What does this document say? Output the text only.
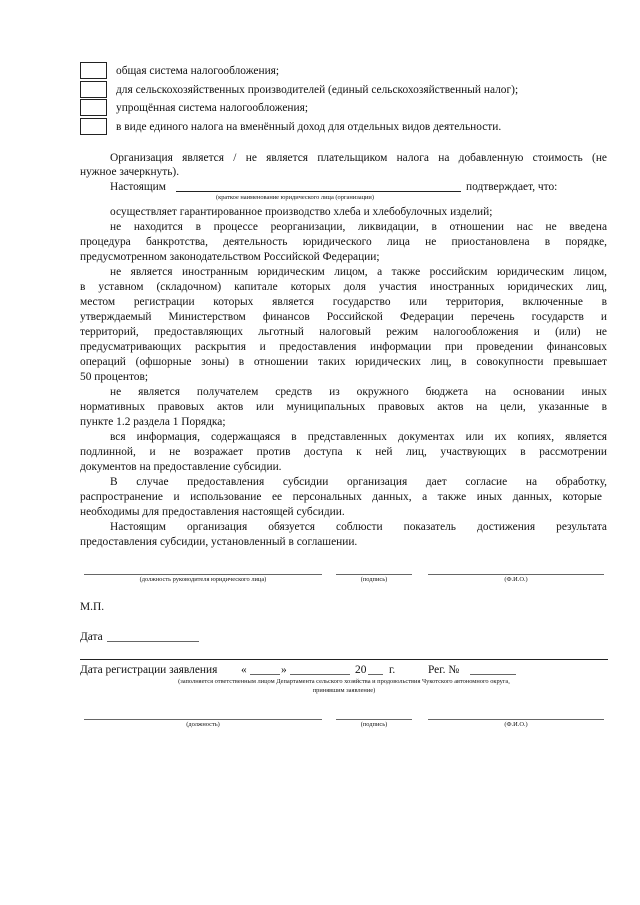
общая система налогообложения;
для сельскохозяйственных производителей (единый сельскохозяйственный налог);
упрощённая система налогообложения;
в виде единого налога на вменённый доход для отдельных видов деятельности.
Организация является / не является плательщиком налога на добавленную стоимость (не
нужное зачеркнуть).
Настоящим	подтверждает, что:
(краткое наименование юридического лица (организации)
осуществляет гарантированное производство хлеба и хлебобулочных изделий;
не находится в процессе реорганизации, ликвидации, в отношении нас не введена
процедура банкротства, деятельность юридического лица не приостановлена в порядке,
предусмотренном законодательством Российской Федерации;
не является иностранным юридическим лицом, а также российским юридическим лицом,
в уставном (складочном) капитале которых доля участия иностранных юридических лиц,
местом регистрации которых является государство или территория, включенные в
утверждаемый Министерством финансов Российской Федерации перечень государств и
территорий, предоставляющих льготный налоговый режим налогообложения и (или) не
предусматривающих раскрытия и предоставления информации при проведении финансовых
операций (офшорные зоны) в отношении таких юридических лиц, в совокупности превышает
50 процентов;
не является получателем средств из окружного бюджета на основании иных
нормативных правовых актов или муниципальных правовых актов на цели, указанные в
пункте 1.2 раздела 1 Порядка;
вся информация, содержащаяся в представленных документах или их копиях, является
подлинной, и не возражает против доступа к ней лиц, участвующих в рассмотрении
документов на предоставление субсидии.
В случае предоставления субсидии организация дает согласие на обработку,
распространение и использование ее персональных данных, а также иных данных, которые
необходимы для предоставления настоящей субсидии.
Настоящим организация обязуется соблюсти показатель достижения результата
предоставления субсидии, установленный в соглашении.
(должность руководителя юридического лица)	(подпись)	(Ф.И.О.)
М.П.
Дата
Дата регистрации заявления «	»	20 г.	Рег. №
(заполняется ответственным лицом Департамента сельского хозяйства и продовольствия Чукотского автономного округа,
принявшим заявление)
(должность)	(подпись)	(Ф.И.О.)
